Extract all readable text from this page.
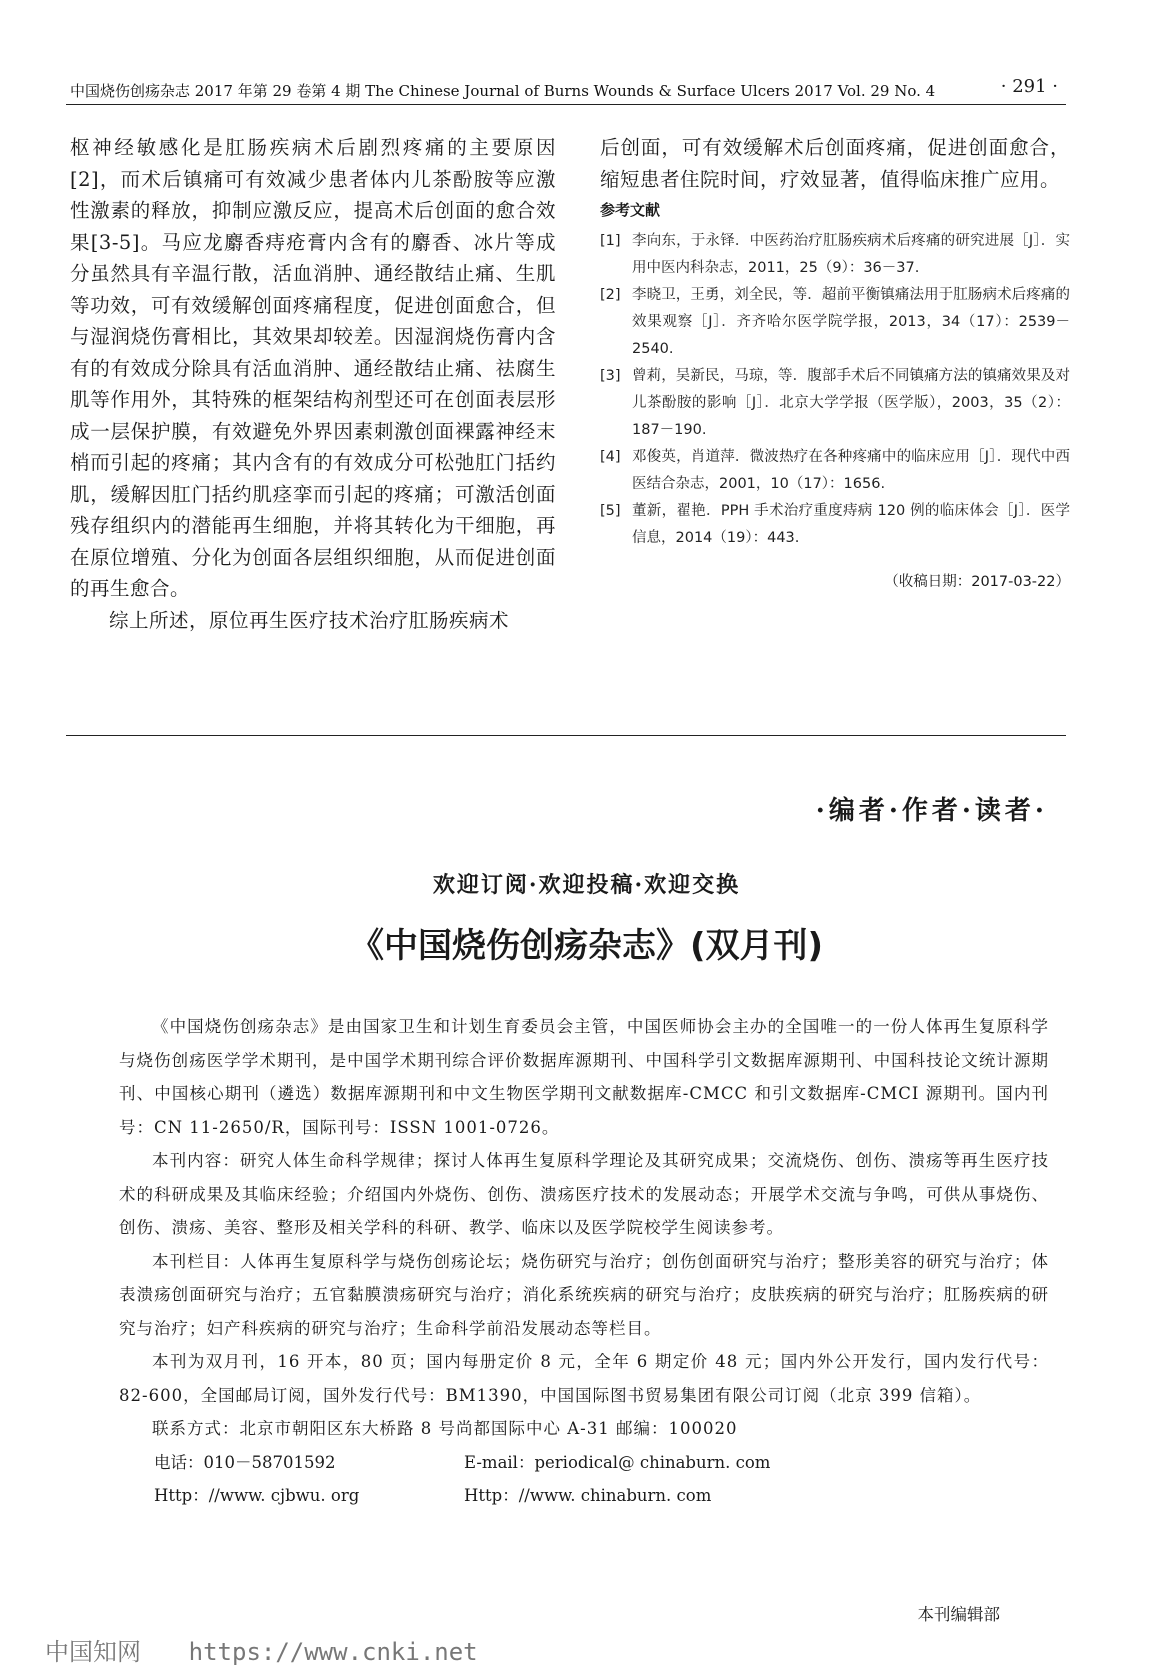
中国烧伤创疡杂志 2017 年第 29 卷第 4 期 The Chinese Journal of Burns Wounds & Surface Ulcers 2017 Vol. 29 No. 4	· 291 ·

枢神经敏感化是肛肠疾病术后剧烈疼痛的主要原因[2]，而术后镇痛可有效减少患者体内儿茶酚胺等应激性激素的释放，抑制应激反应，提高术后创面的愈合效果[3-5]。马应龙麝香痔疮膏内含有的麝香、冰片等成分虽然具有辛温行散，活血消肿、通经散结止痛、生肌等功效，可有效缓解创面疼痛程度，促进创面愈合，但与湿润烧伤膏相比，其效果却较差。因湿润烧伤膏内含有的有效成分除具有活血消肿、通经散结止痛、祛腐生肌等作用外，其特殊的框架结构剂型还可在创面表层形成一层保护膜，有效避免外界因素刺激创面裸露神经末梢而引起的疼痛；其内含有的有效成分可松弛肛门括约肌，缓解因肛门括约肌痉挛而引起的疼痛；可激活创面残存组织内的潜能再生细胞，并将其转化为干细胞，再在原位增殖、分化为创面各层组织细胞，从而促进创面的再生愈合。

综上所述，原位再生医疗技术治疗肛肠疾病术

后创面，可有效缓解术后创面疼痛，促进创面愈合，缩短患者住院时间，疗效显著，值得临床推广应用。

参考文献
[1] 李向东，于永铎．中医药治疗肛肠疾病术后疼痛的研究进展［J］．实用中医内科杂志，2011，25（9）：36－37.
[2] 李晓卫，王勇，刘全民，等．超前平衡镇痛法用于肛肠病术后疼痛的效果观察［J］．齐齐哈尔医学院学报，2013，34（17）：2539－2540.
[3] 曾莉，吴新民，马琼，等．腹部手术后不同镇痛方法的镇痛效果及对儿茶酚胺的影响［J］．北京大学学报（医学版），2003，35（2）：187－190.
[4] 邓俊英，肖道萍．微波热疗在各种疼痛中的临床应用［J］．现代中西医结合杂志，2001，10（17）：1656.
[5] 董新，翟艳．PPH 手术治疗重度痔病 120 例的临床体会［J］．医学信息，2014（19）：443.
（收稿日期：2017-03-22）
·编者·作者·读者·
欢迎订阅·欢迎投稿·欢迎交换
《中国烧伤创疡杂志》(双月刊)

《中国烧伤创疡杂志》是由国家卫生和计划生育委员会主管，中国医师协会主办的全国唯一的一份人体再生复原科学与烧伤创疡医学学术期刊，是中国学术期刊综合评价数据库源期刊、中国科学引文数据库源期刊、中国科技论文统计源期刊、中国核心期刊（遴选）数据库源期刊和中文生物医学期刊文献数据库-CMCC 和引文数据库-CMCI 源期刊。国内刊号：CN 11-2650/R，国际刊号：ISSN 1001-0726。

本刊内容：研究人体生命科学规律；探讨人体再生复原科学理论及其研究成果；交流烧伤、创伤、溃疡等再生医疗技术的科研成果及其临床经验；介绍国内外烧伤、创伤、溃疡医疗技术的发展动态；开展学术交流与争鸣，可供从事烧伤、创伤、溃疡、美容、整形及相关学科的科研、教学、临床以及医学院校学生阅读参考。

本刊栏目：人体再生复原科学与烧伤创疡论坛；烧伤研究与治疗；创伤创面研究与治疗；整形美容的研究与治疗；体表溃疡创面研究与治疗；五官黏膜溃疡研究与治疗；消化系统疾病的研究与治疗；皮肤疾病的研究与治疗；肛肠疾病的研究与治疗；妇产科疾病的研究与治疗；生命科学前沿发展动态等栏目。

本刊为双月刊，16 开本，80 页；国内每册定价 8 元，全年 6 期定价 48 元；国内外公开发行，国内发行代号：82-600，全国邮局订阅，国外发行代号：BM1390，中国国际图书贸易集团有限公司订阅（北京 399 信箱）。

联系方式：北京市朝阳区东大桥路 8 号尚都国际中心 A-31 邮编：100020

电话：010－58701592	E-mail：periodical@ chinaburn. com
Http：//www. cjbwu. org	Http：//www. chinaburn. com
本刊编辑部
中国知网 https://www.cnki.net
